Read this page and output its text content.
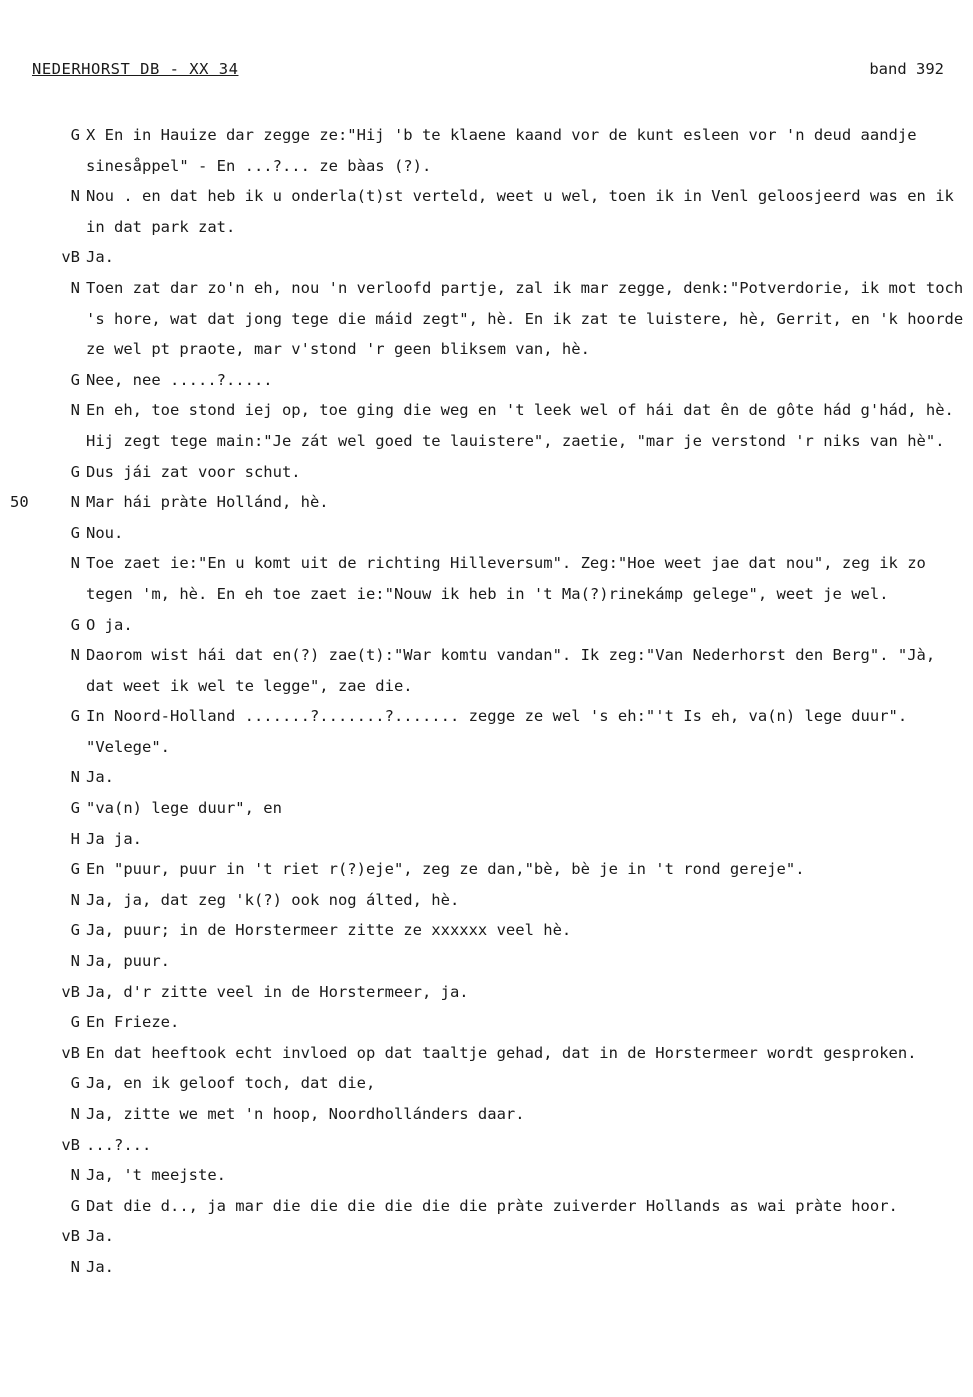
NEDERHORST DB - XX 34	band 392
G X En in Hauize dar zegge ze:"Hij 'b te klaene kaand vor de kunt esleen vor 'n deud aandje sinesåppel" - En ...?... ze bàas (?).
N Nou . en dat heb ik u onderla(t)st verteld, weet u wel, toen ik in Venl geloosjeerd was en ik in dat park zat.
vB Ja.
N Toen zat dar zo'n eh, nou 'n verloofd partje, zal ik mar zegge, denk:"Potverdorie, ik mot toch 's hore, wat dat jong tege die máid zegt", hè. En ik zat te luistere, hè, Gerrit, en 'k hoorde ze wel pt praote, mar v'stond 'r geen bliksem van, hè.
G Nee, nee .....?.....
N En eh, toe stond iej op, toe ging die weg en 't leek wel of hái dat ên de gôte hád g'hád, hè. Hij zegt tege main:"Je zát wel goed te lauistere", zaetie, "mar je verstond 'r niks van hè".
G Dus jái zat voor schut.
50	N Mar hái pràte Hollánd, hè.
G Nou.
N Toe zaet ie:"En u komt uit de richting Hilleversum". Zeg:"Hoe weet jae dat nou", zeg ik zo tegen 'm, hè. En eh toe zaet ie:"Nouw ik heb in 't Ma(?)rinekámp gelege", weet je wel.
G O ja.
N Daorom wist hái dat en(?) zae(t):"War komtu vandan". Ik zeg:"Van Nederhorst den Berg". "Jà, dat weet ik wel te legge", zae die.
G In Noord-Holland .......?.......?....... zegge ze wel 's eh:"'t Is eh, va(n) lege duur". "Velege".
N Ja.
G "va(n) lege duur", en
H Ja ja.
G En "puur, puur in 't riet r(?)eje", zeg ze dan,"bè, bè je in 't rond gereje".
N Ja, ja, dat zeg 'k(?) ook nog álted, hè.
G Ja, puur; in de Horstermeer zitte ze xxxxxx veel hè.
N Ja, puur.
vB Ja, d'r zitte veel in de Horstermeer, ja.
G En Frieze.
vB En dat heeftook echt invloed op dat taaltje gehad, dat in de Horstermeer wordt gesproken.
G Ja, en ik geloof toch, dat die,
N Ja, zitte we met 'n hoop, Noordhollánders daar.
vB ...?...
N Ja, 't meejste.
G Dat die d.., ja mar die die die die die die pràte zuiverder Hollands as wai pràte hoor.
vB Ja.
N Ja.
